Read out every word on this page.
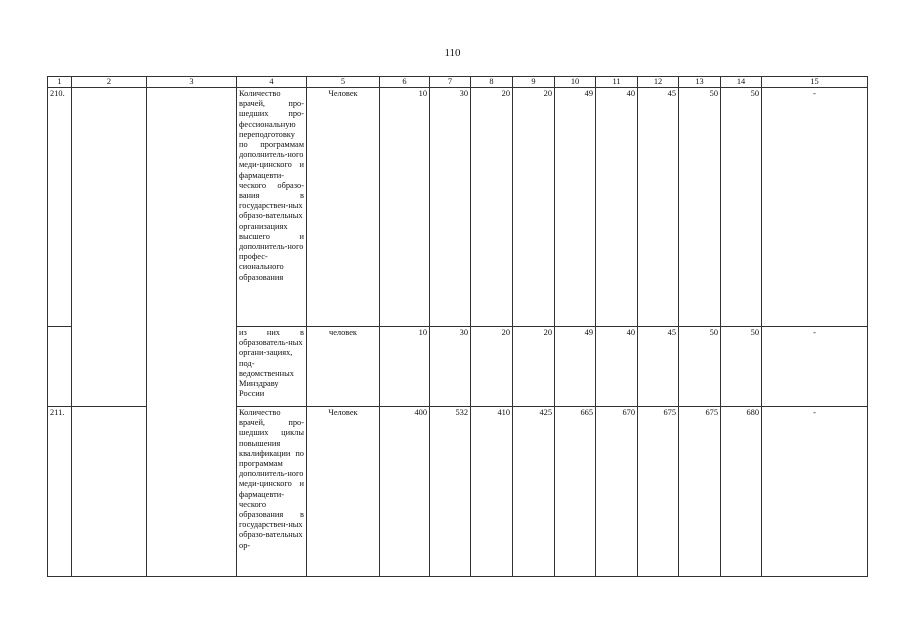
110
1	2	3	4	5	6	7	8	9	10	11	12	13	14	15
210.			Количество врачей, про-шедших про-фессиональную переподготовку по программам дополнитель-ного меди-цинского и фармацевти-ческого образо-вания в государствен-ных образо-вательных организациях высшего и дополнитель-ного профес-сионального образования	Человек	10	30	20	20	49	40	45	50	50	-
			из них в образователь-ных органи-зациях, под-ведомственных Минздраву России	человек	10	30	20	20	49	40	45	50	50	-
211.			Количество врачей, про-шедших циклы повышения квалификации по программам дополнитель-ного меди-цинского и фармацевти-ческого образования в государствен-ных образо-вательных ор-	Человек	400	532	410	425	665	670	675	675	680	-
